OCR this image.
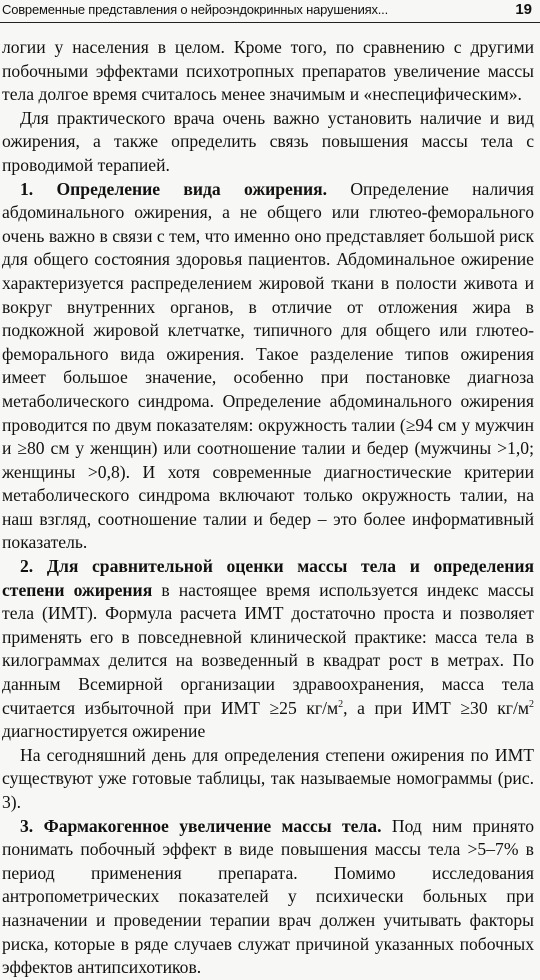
Современные представления о нейроэндокринных нарушениях...	19

логии у населения в целом. Кроме того, по сравнению с другими побочными эффектами психотропных препаратов увеличение массы тела долгое время считалось менее значимым и «неспецифическим».

Для практического врача очень важно установить наличие и вид ожирения, а также определить связь повышения массы тела с проводимой терапией.

1. Определение вида ожирения. Определение наличия абдоминального ожирения, а не общего или глютео-феморального очень важно в связи с тем, что именно оно представляет большой риск для общего состояния здоровья пациентов. Абдоминальное ожирение характеризуется распределением жировой ткани в полости живота и вокруг внутренних органов, в отличие от отложения жира в подкожной жировой клетчатке, типичного для общего или глютео-феморального вида ожирения. Такое разделение типов ожирения имеет большое значение, особенно при постановке диагноза метаболического синдрома. Определение абдоминального ожирения проводится по двум показателям: окружность талии (≥94 см у мужчин и ≥80 см у женщин) или соотношение талии и бедер (мужчины >1,0; женщины >0,8). И хотя современные диагностические критерии метаболического синдрома включают только окружность талии, на наш взгляд, соотношение талии и бедер – это более информативный показатель.

2. Для сравнительной оценки массы тела и определения степени ожирения в настоящее время используется индекс массы тела (ИМТ). Формула расчета ИМТ достаточно проста и позволяет применять его в повседневной клинической практике: масса тела в килограммах делится на возведенный в квадрат рост в метрах. По данным Всемирной организации здравоохранения, масса тела считается избыточной при ИМТ ≥25 $кг/м^2$, а при ИМТ ≥30 $кг/м^2$ диагностируется ожирение

На сегодняшний день для определения степени ожирения по ИМТ существуют уже готовые таблицы, так называемые номограммы (рис. 3).

3. Фармакогенное увеличение массы тела. Под ним принято понимать побочный эффект в виде повышения массы тела >5–7% в период применения препарата. Помимо исследования антропометрических показателей у психически больных при назначении и проведении терапии врач должен учитывать факторы риска, которые в ряде случаев служат причиной указанных побочных эффектов антипсихотиков.
